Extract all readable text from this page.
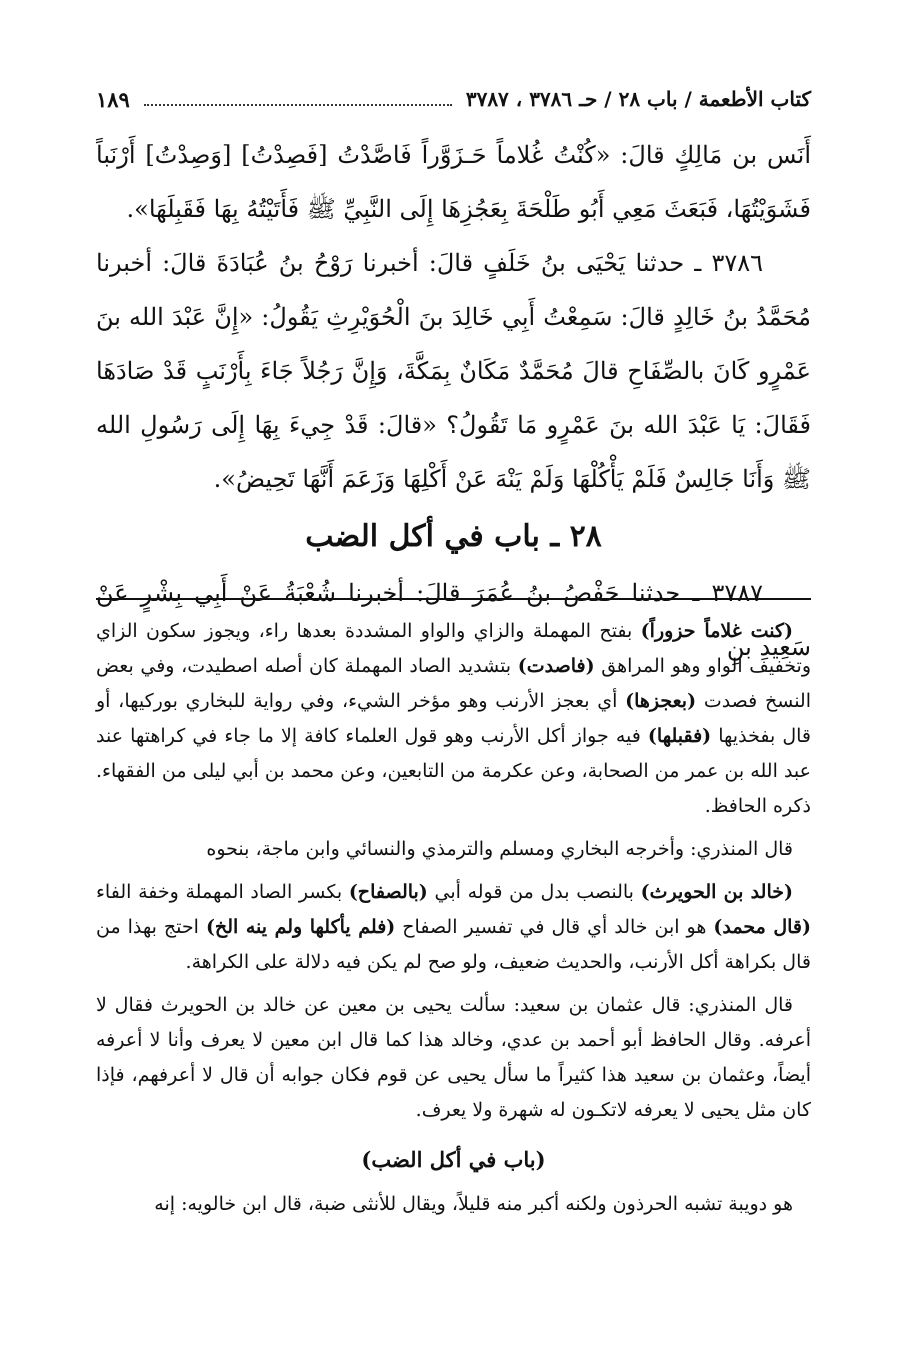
كتاب الأطعمة / باب ٢٨ / حـ ٣٧٨٦ ، ٣٧٨٧
١٨٩

أَنَس بن مَالِكٍ قالَ: «كُنْتُ غُلاماً حَـزَوَّراً فَاصَّدْتُ [فَصِدْتُ] [وَصِدْتُ] أَرْنَباً فَشَوَيْتُهَا، فَبَعَثَ مَعِي أَبُو طَلْحَةَ بِعَجُزِهَا إِلَى النَّبِيِّ ﷺ فَأَتَيْتُهُ بِهَا فَقَبِلَهَا».

٣٧٨٦ ـ حدثنا يَحْيَى بنُ خَلَفٍ قالَ: أخبرنا رَوْحُ بنُ عُبَادَةَ قالَ: أخبرنا مُحَمَّدُ بنُ خَالِدٍ قالَ: سَمِعْتُ أَبِي خَالِدَ بنَ الْحُوَيْرِثِ يَقُولُ: «إِنَّ عَبْدَ الله بنَ عَمْرٍو كَانَ بالصِّفَاحِ قالَ مُحَمَّدٌ مَكَانٌ بِمَكَّةَ، وَإِنَّ رَجُلاً جَاءَ بِأَرْنَبٍ قَدْ صَادَهَا فَقَالَ: يَا عَبْدَ الله بنَ عَمْرٍو مَا تَقُولُ؟ «قالَ: قَدْ جِيءَ بِهَا إِلَى رَسُولِ الله ﷺ وَأَنَا جَالِسٌ فَلَمْ يَأْكُلْهَا وَلَمْ يَنْهَ عَنْ أَكْلِهَا وَزَعَمَ أَنَّهَا تَحِيضُ».

٢٨ ـ باب في أكل الضب

٣٧٨٧ ـ حدثنا حَفْصُ بنُ عُمَرَ قالَ: أخبرنا شُعْبَةُ عَنْ أَبِي بِشْرٍ عَنْ سَعِيدِ بنِ

(كنت غلاماً حزوراً) بفتح المهملة والزاي والواو المشددة بعدها راء، ويجوز سكون الزاي وتخفيف الواو وهو المراهق (فاصدت) بتشديد الصاد المهملة كان أصله اصطيدت، وفي بعض النسخ فصدت (بعجزها) أي بعجز الأرنب وهو مؤخر الشيء، وفي رواية للبخاري بوركيها، أو قال بفخذيها (فقبلها) فيه جواز أكل الأرنب وهو قول العلماء كافة إلا ما جاء في كراهتها عند عبد الله بن عمر من الصحابة، وعن عكرمة من التابعين، وعن محمد بن أبي ليلى من الفقهاء. ذكره الحافظ.

قال المنذري: وأخرجه البخاري ومسلم والترمذي والنسائي وابن ماجة، بنحوه

(خالد بن الحويرث) بالنصب بدل من قوله أبي (بالصفاح) بكسر الصاد المهملة وخفة الفاء (قال محمد) هو ابن خالد أي قال في تفسير الصفاح (فلم يأكلها ولم ينه الخ) احتج بهذا من قال بكراهة أكل الأرنب، والحديث ضعيف، ولو صح لم يكن فيه دلالة على الكراهة.

قال المنذري: قال عثمان بن سعيد: سألت يحيى بن معين عن خالد بن الحويرث فقال لا أعرفه. وقال الحافظ أبو أحمد بن عدي، وخالد هذا كما قال ابن معين لا يعرف وأنا لا أعرفه أيضاً، وعثمان بن سعيد هذا كثيراً ما سأل يحيى عن قوم فكان جوابه أن قال لا أعرفهم، فإذا كان مثل يحيى لا يعرفه لاتكـون له شهرة ولا يعرف.

(باب في أكل الضب)

هو دويبة تشبه الحرذون ولكنه أكبر منه قليلاً، ويقال للأنثى ضبة، قال ابن خالويه: إنه
